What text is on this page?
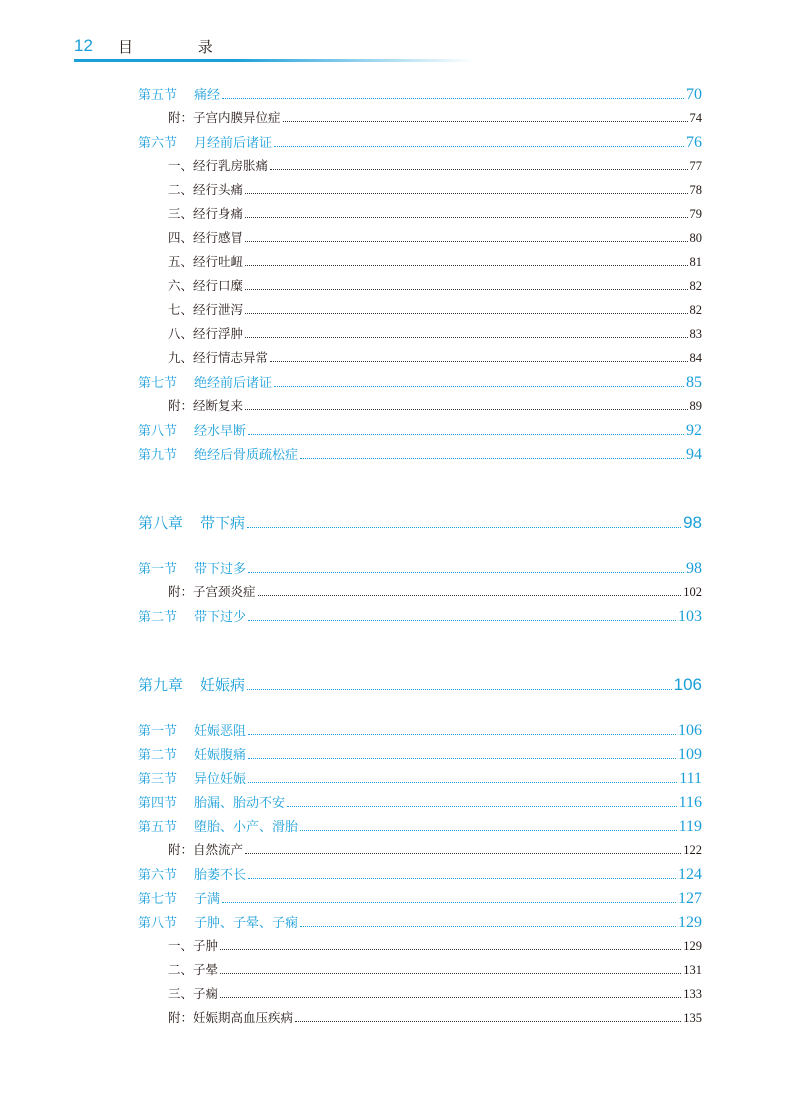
12 目 录
第五节 痛经	70
附：子宫内膜异位症	74
第六节 月经前后诸证	76
一、经行乳房胀痛	77
二、经行头痛	78
三、经行身痛	79
四、经行感冒	80
五、经行吐衄	81
六、经行口糜	82
七、经行泄泻	82
八、经行浮肿	83
九、经行情志异常	84
第七节 绝经前后诸证	85
附：经断复来	89
第八节 经水早断	92
第九节 绝经后骨质疏松症	94
第八章 带下病	98
第一节 带下过多	98
附：子宫颈炎症	102
第二节 带下过少	103
第九章 妊娠病	106
第一节 妊娠恶阻	106
第二节 妊娠腹痛	109
第三节 异位妊娠	111
第四节 胎漏、胎动不安	116
第五节 堕胎、小产、滑胎	119
附：自然流产	122
第六节 胎萎不长	124
第七节 子满	127
第八节 子肿、子晕、子痫	129
一、子肿	129
二、子晕	131
三、子痫	133
附：妊娠期高血压疾病	135
